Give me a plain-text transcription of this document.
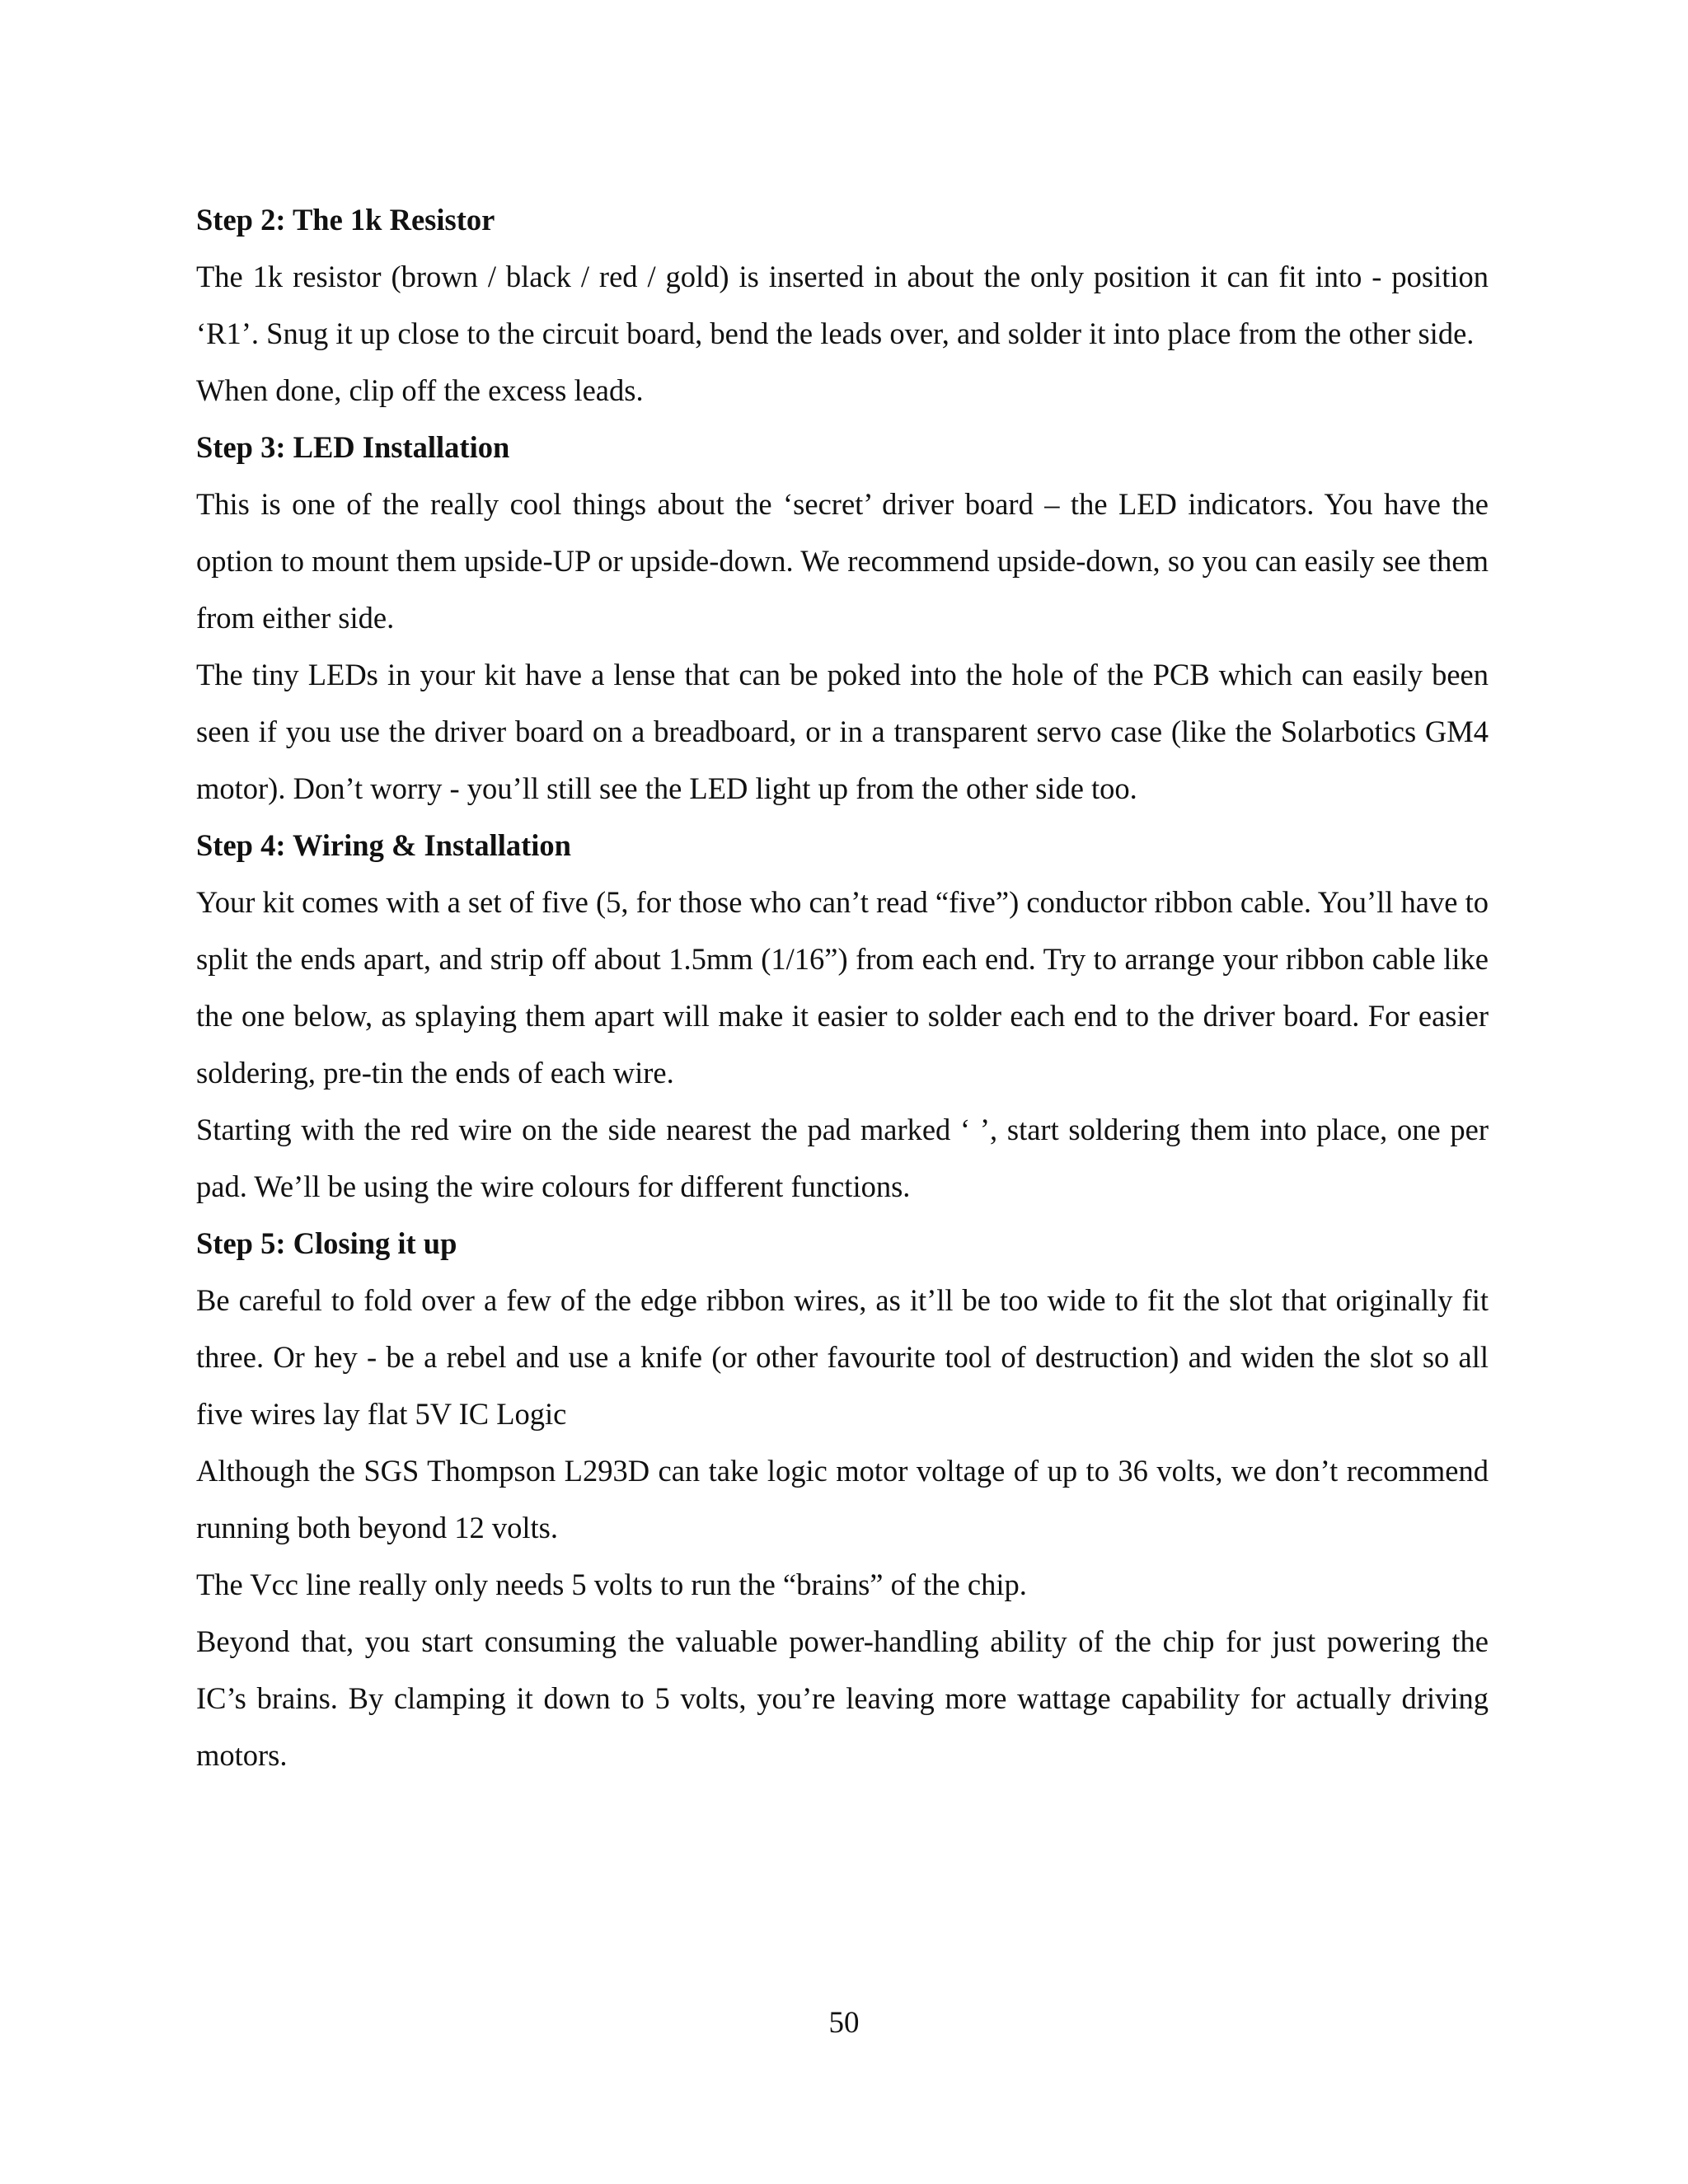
Step 2: The 1k Resistor

The 1k resistor (brown / black / red / gold) is inserted in about the only position it can fit into - position ‘R1’. Snug it up close to the circuit board, bend the leads over, and solder it into place from the other side.

When done, clip off the excess leads.

Step 3: LED Installation

This is one of the really cool things about the ‘secret’ driver board – the LED indicators. You have the option to mount them upside-UP or upside-down. We recommend upside-down, so you can easily see them from either side.

The tiny LEDs in your kit have a lense that can be poked into the hole of the PCB which can easily been seen if you use the driver board on a breadboard, or in a transparent servo case (like the Solarbotics GM4 motor). Don’t worry - you’ll still see the LED light up from the other side too.

Step 4: Wiring & Installation

Your kit comes with a set of five (5, for those who can’t read “five”) conductor ribbon cable. You’ll have to split the ends apart, and strip off about 1.5mm (1/16”) from each end. Try to arrange your ribbon cable like the one below, as splaying them apart will make it easier to solder each end to the driver board. For easier soldering, pre-tin the ends of each wire.

Starting with the red wire on the side nearest the pad marked ‘ ’, start soldering them into place, one per pad. We’ll be using the wire colours for different functions.

Step 5: Closing it up

Be careful to fold over a few of the edge ribbon wires, as it’ll be too wide to fit the slot that originally fit three. Or hey - be a rebel and use a knife (or other favourite tool of destruction) and widen the slot so all five wires lay flat 5V IC Logic

Although the SGS Thompson L293D can take logic motor voltage of up to 36 volts, we don’t recommend running both beyond 12 volts.

The Vcc line really only needs 5 volts to run the “brains” of the chip.

Beyond that, you start consuming the valuable power-handling ability of the chip for just powering the IC’s brains. By clamping it down to 5 volts, you’re leaving more wattage capability for actually driving motors.

50
